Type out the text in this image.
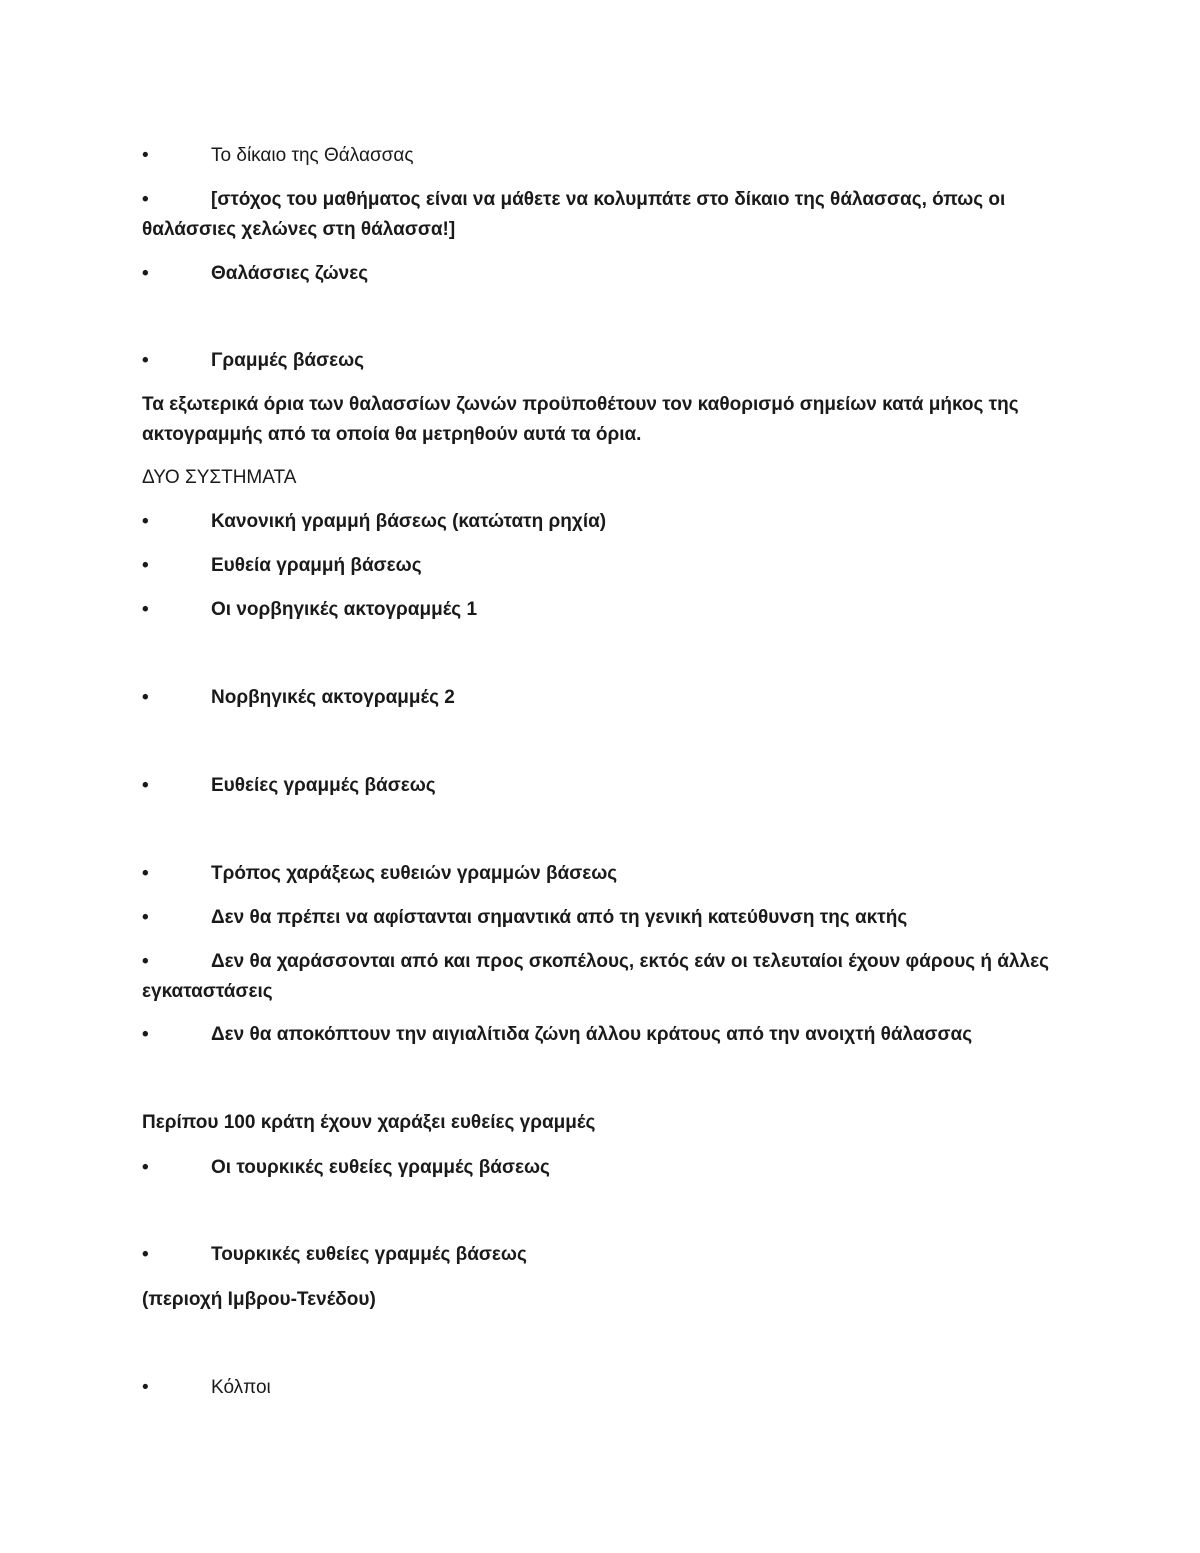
•	Το δίκαιο της Θάλασσας
•	[στόχος του μαθήματος είναι να μάθετε να κολυμπάτε στο δίκαιο της θάλασσας, όπως οι θαλάσσιες χελώνες στη θάλασσα!]
•	Θαλάσσιες ζώνες
•	Γραμμές βάσεως
Τα εξωτερικά όρια των θαλασσίων ζωνών προϋποθέτουν τον καθορισμό σημείων κατά μήκος της ακτογραμμής από τα οποία θα μετρηθούν αυτά τα όρια.
ΔΥΟ ΣΥΣΤΗΜΑΤΑ
•	Κανονική γραμμή βάσεως (κατώτατη ρηχία)
•	Ευθεία γραμμή βάσεως
•	Οι νορβηγικές ακτογραμμές 1
•	Νορβηγικές ακτογραμμές 2
•	Ευθείες γραμμές βάσεως
•	Τρόπος χαράξεως ευθειών γραμμών βάσεως
•	Δεν θα πρέπει να αφίστανται σημαντικά από τη γενική κατεύθυνση της ακτής
•	Δεν θα χαράσσονται από και προς σκοπέλους, εκτός εάν οι τελευταίοι έχουν φάρους ή άλλες εγκαταστάσεις
•	Δεν θα αποκόπτουν την αιγιαλίτιδα ζώνη άλλου κράτους από την ανοιχτή θάλασσας
Περίπου 100 κράτη έχουν χαράξει ευθείες γραμμές
•	Οι τουρκικές ευθείες γραμμές βάσεως
•	Τουρκικές ευθείες γραμμές βάσεως
(περιοχή Ιμβρου-Τενέδου)
•	Κόλποι
